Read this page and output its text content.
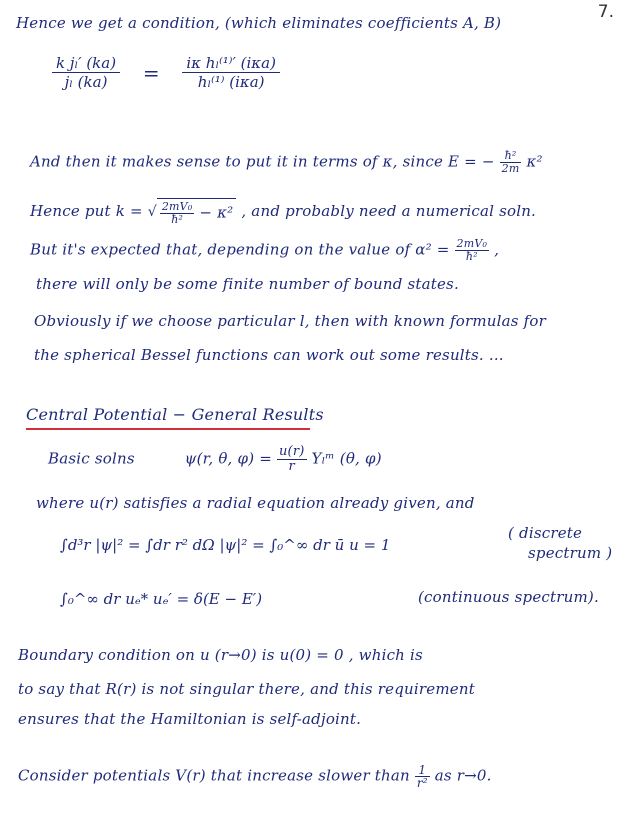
7.
Hence we get a condition, (which eliminates coefficients A, B)
$\frac{\text{k jₗ′ (ka)}}{\text{jₗ (ka)}} = \frac{\text{iκ hₗ⁽¹⁾′ (iκa)}}{\text{hₗ⁽¹⁾ (iκa)}}$
And then it makes sense to put it in terms of κ, since E = − $\frac{\text{ħ²}}{2m} \kappa^2$
Hence put k = √ $\frac{\text{2mV₀}}{\text{ħ²}} - \kappa^2$ , and probably need a numerical soln.
But it's expected that, depending on the value of $\alpha^2 = \frac{\text{2mV₀}}{\text{ħ²}}$ ,
there will only be some finite number of bound states.
Obviously if we choose particular l, then with known formulas for
the spherical Bessel functions can work out some results. ...
Central Potential − General Results
Basic solns	ψ(r, θ, $\varphi) = \frac{u(r)}{r}$ Yₗᵐ (θ, φ)
where u(r) satisfies a radial equation already given, and
∫d³r |ψ|² = ∫dr r² dΩ |ψ|² = ∫₀^∞ dr ū u = 1
( discrete
spectrum )
∫₀^∞ dr uₑ* uₑ′ = δ(E − E′)	(continuous spectrum).
Boundary condition on u (r→0) is u(0) = 0 , which is
to say that R(r) is not singular there, and this requirement
ensures that the Hamiltonian is self-adjoint.
Consider potentials V(r) that increase slower than $\frac{1}{\text{r²}}$ as r→0.
